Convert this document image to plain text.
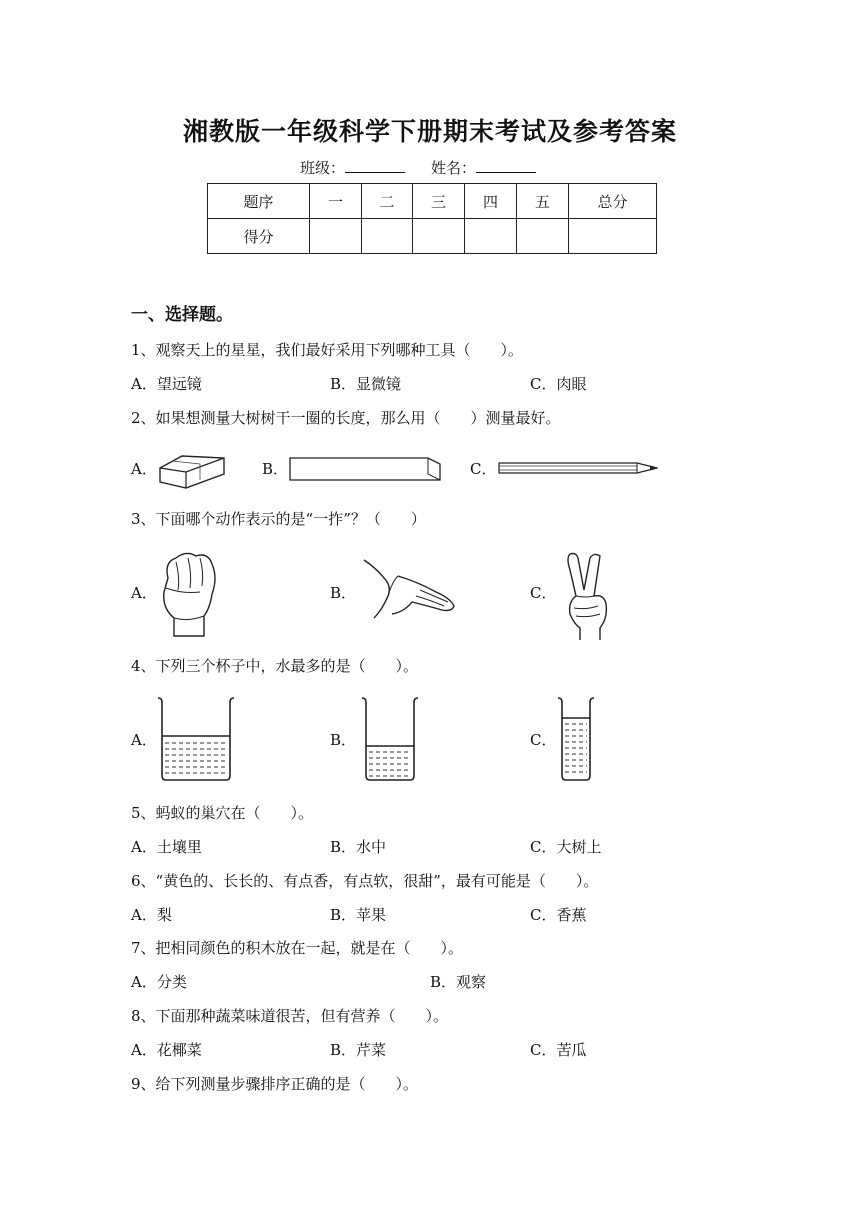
湘教版一年级科学下册期末考试及参考答案
班级：	姓名：
题序	一	二	三	四	五	总分
得分						
一、选择题。
1、观察天上的星星，我们最好采用下列哪种工具（　　）。
A．望远镜	B．显微镜	C．肉眼
2、如果想测量大树树干一圈的长度，那么用（　　）测量最好。
A．	B．	C．
3、下面哪个动作表示的是“一拃”？（　　）
A．	B．	C．
4、下列三个杯子中，水最多的是（　　）。
A．	B．	C．
5、蚂蚁的巢穴在（　　）。
A．土壤里	B．水中	C．大树上
6、“黄色的、长长的、有点香，有点软，很甜”，最有可能是（　　）。
A．梨	B．苹果	C．香蕉
7、把相同颜色的积木放在一起，就是在（　　）。
A．分类	B．观察
8、下面那种蔬菜味道很苦，但有营养（　　）。
A．花椰菜	B．芹菜	C．苦瓜
9、给下列测量步骤排序正确的是（　　）。
